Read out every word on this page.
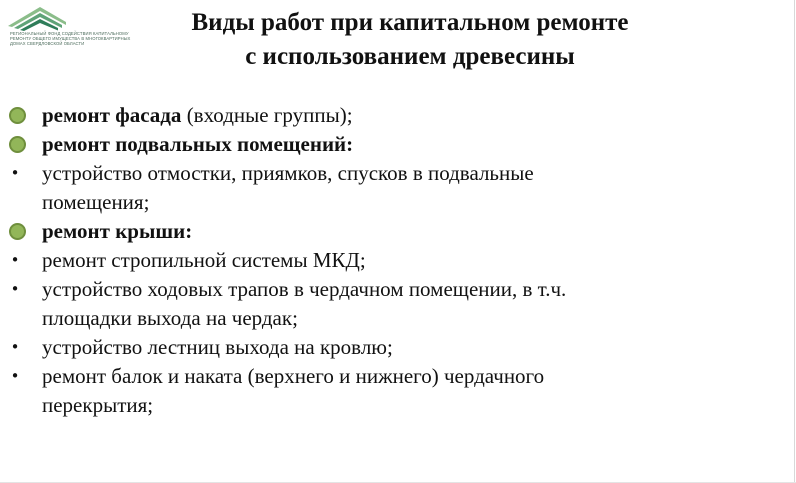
РЕГИОНАЛЬНЫЙ ФОНД СОДЕЙСТВИЯ КАПИТАЛЬНОМУ
РЕМОНТУ ОБЩЕГО ИМУЩЕСТВА В МНОГОКВАРТИРНЫХ
ДОМАХ СВЕРДЛОВСКОЙ ОБЛАСТИ
Виды работ при капитальном ремонте
с использованием древесины
ремонт фасада (входные группы);
ремонт подвальных помещений:
• устройство отмостки, приямков, спусков в подвальные
помещения;
ремонт крыши:
• ремонт стропильной системы МКД;
• устройство ходовых трапов в чердачном помещении, в т.ч.
площадки выхода на чердак;
• устройство лестниц выхода на кровлю;
• ремонт балок и наката (верхнего и нижнего) чердачного
перекрытия;
